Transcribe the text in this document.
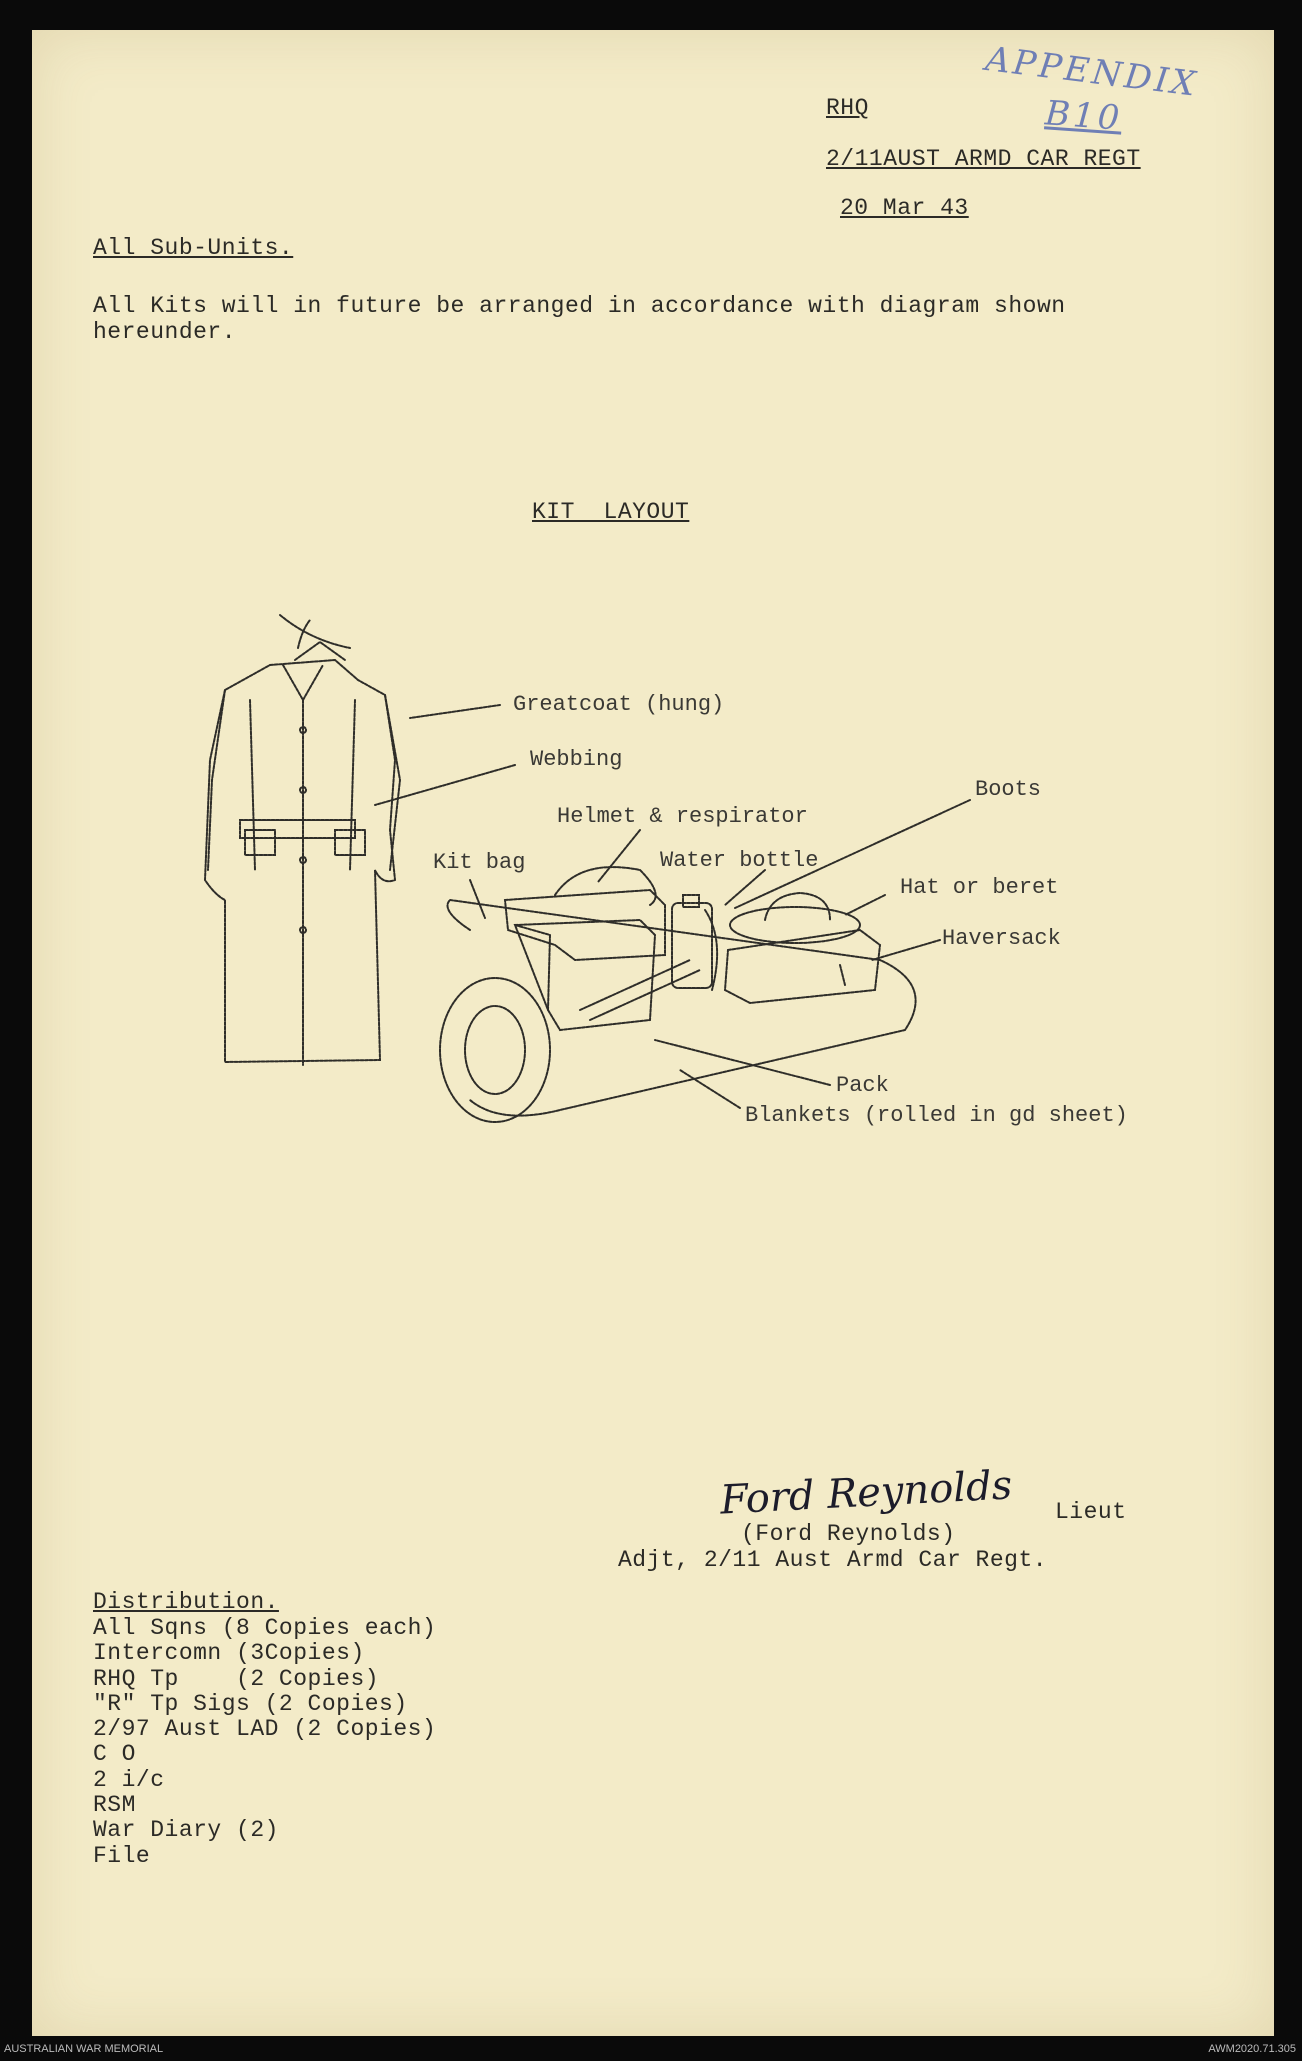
APPENDIX
B10
RHQ
2/11AUST ARMD CAR REGT
20 Mar 43
All Sub-Units.
All Kits will in future be arranged in accordance with diagram shown
hereunder.
KIT  LAYOUT
Greatcoat (hung)
Webbing
Helmet & respirator
Boots
Kit bag	Water bottle
Hat or beret
Haversack
Pack
Blankets (rolled in gd sheet)
Ford Reynolds Lieut
(Ford Reynolds)
Adjt, 2/11 Aust Armd Car Regt.
Distribution.
All Sqns (8 Copies each)
Intercomn (3Copies)
RHQ Tp    (2 Copies)
"R" Tp Sigs (2 Copies)
2/97 Aust LAD (2 Copies)
C O
2 i/c
RSM
War Diary (2)
File
AUSTRALIAN WAR MEMORIAL	AWM2020.71.305
